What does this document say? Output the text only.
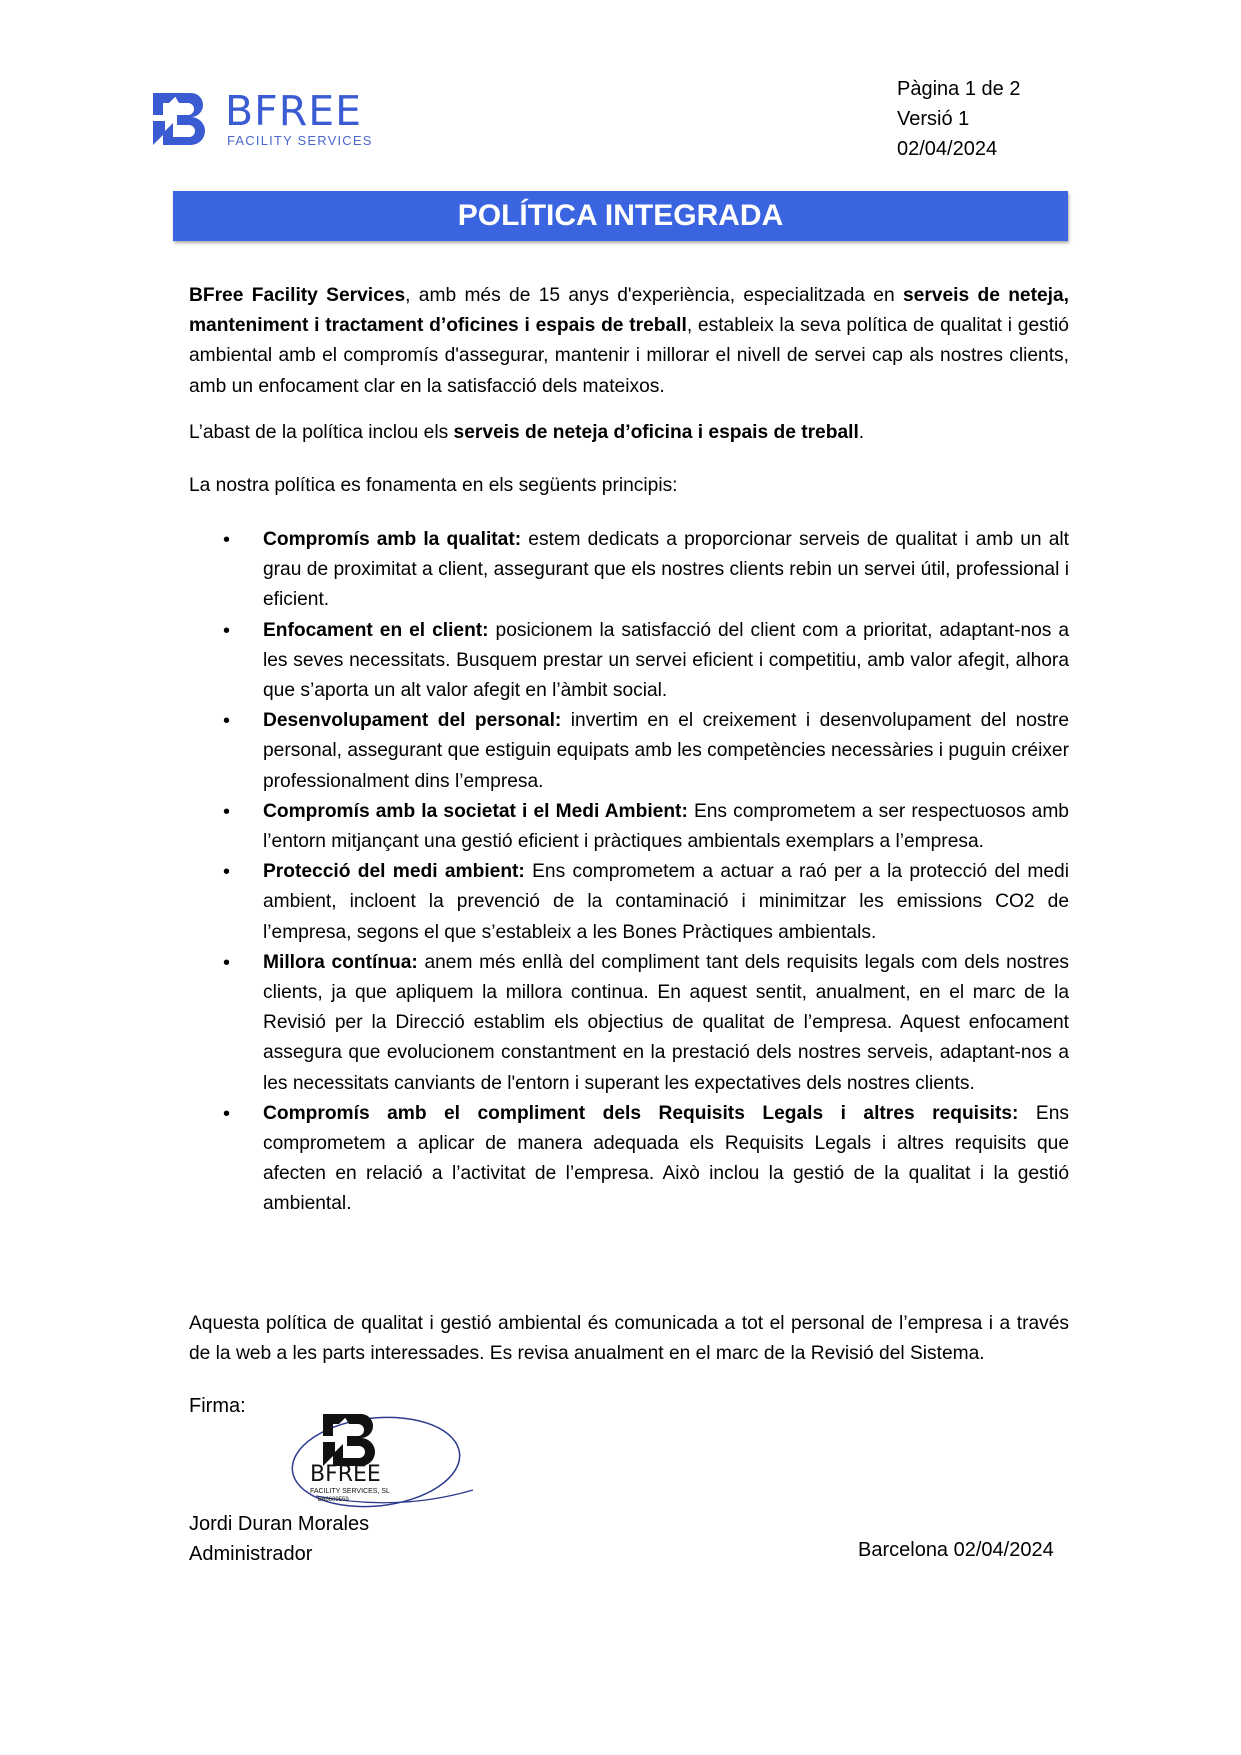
BFREE
FACILITY SERVICES
Pàgina 1 de 2
Versió 1
02/04/2024
POLÍTICA INTEGRADA

BFree Facility Services, amb més de 15 anys d'experiència, especialitzada en serveis de neteja, manteniment i tractament d’oficines i espais de treball, estableix la seva política de qualitat i gestió ambiental amb el compromís d'assegurar, mantenir i millorar el nivell de servei cap als nostres clients, amb un enfocament clar en la satisfacció dels mateixos.

L’abast de la política inclou els serveis de neteja d’oficina i espais de treball.

La nostra política es fonamenta en els següents principis:

• Compromís amb la qualitat: estem dedicats a proporcionar serveis de qualitat i amb un alt grau de proximitat a client, assegurant que els nostres clients rebin un servei útil, professional i eficient.
• Enfocament en el client: posicionem la satisfacció del client com a prioritat, adaptant-nos a les seves necessitats. Busquem prestar un servei eficient i competitiu, amb valor afegit, alhora que s’aporta un alt valor afegit en l’àmbit social.
• Desenvolupament del personal: invertim en el creixement i desenvolupament del nostre personal, assegurant que estiguin equipats amb les competències necessàries i puguin créixer professionalment dins l’empresa.
• Compromís amb la societat i el Medi Ambient: Ens comprometem a ser respectuosos amb l’entorn mitjançant una gestió eficient i pràctiques ambientals exemplars a l’empresa.
• Protecció del medi ambient: Ens comprometem a actuar a raó per a la protecció del medi ambient, incloent la prevenció de la contaminació i minimitzar les emissions CO2 de l’empresa, segons el que s’estableix a les Bones Pràctiques ambientals.
• Millora contínua: anem més enllà del compliment tant dels requisits legals com dels nostres clients, ja que apliquem la millora continua. En aquest sentit, anualment, en el marc de la Revisió per la Direcció establim els objectius de qualitat de l’empresa. Aquest enfocament assegura que evolucionem constantment en la prestació dels nostres serveis, adaptant-nos a les necessitats canviants de l'entorn i superant les expectatives dels nostres clients.
• Compromís amb el compliment dels Requisits Legals i altres requisits: Ens comprometem a aplicar de manera adequada els Requisits Legals i altres requisits que afecten en relació a l’activitat de l’empresa. Això inclou la gestió de la qualitat i la gestió ambiental.

Aquesta política de qualitat i gestió ambiental és comunicada a tot el personal de l’empresa i a través de la web a les parts interessades. Es revisa anualment en el marc de la Revisió del Sistema.

Firma:
BFREE
FACILITY SERVICES, SL
B66609559
Jordi Duran Morales
Administrador	Barcelona 02/04/2024
